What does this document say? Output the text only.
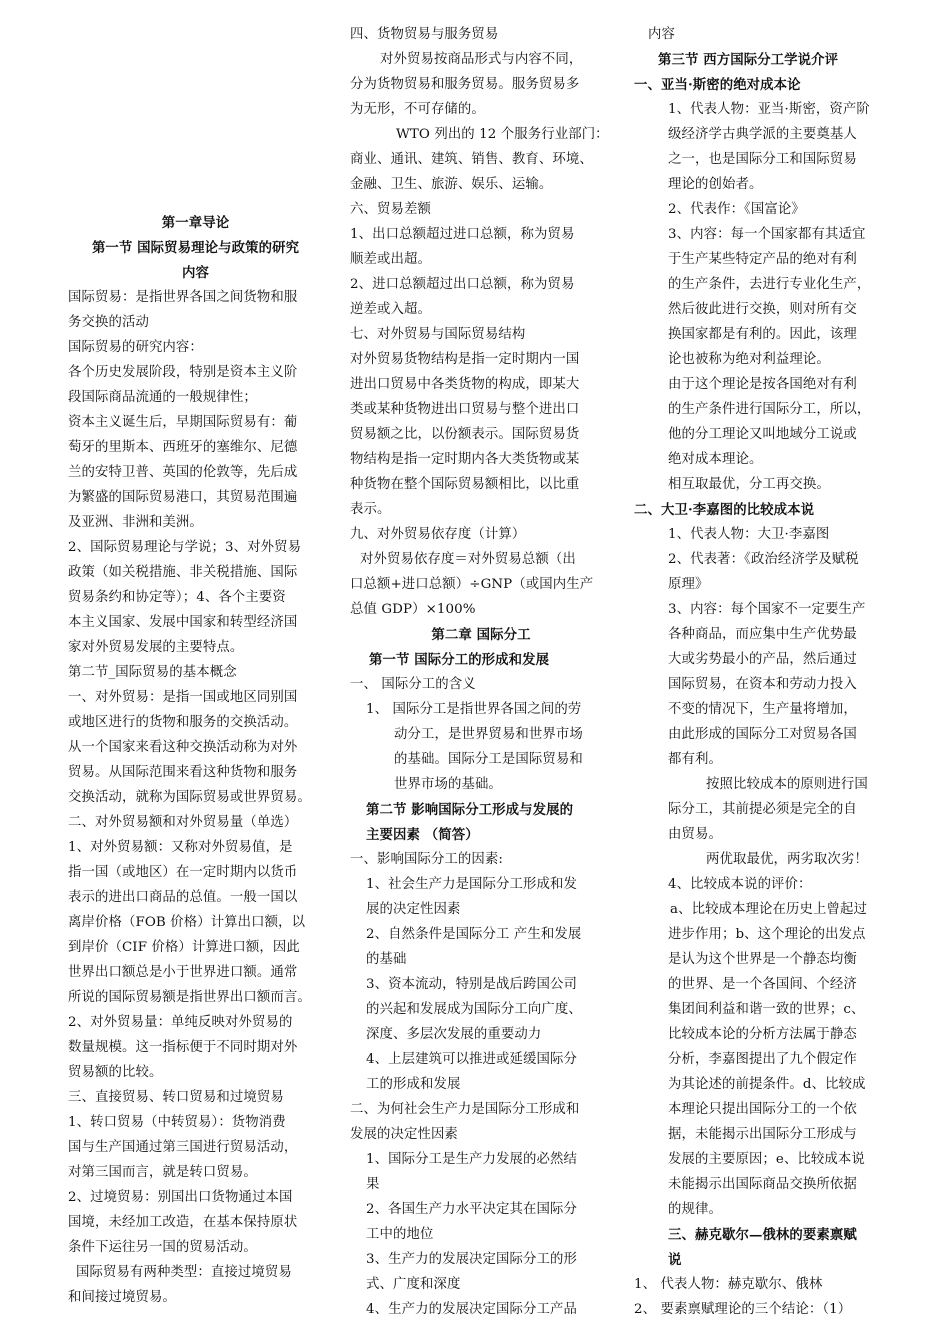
第一章导论
第一节 国际贸易理论与政策的研究
内容
国际贸易：是指世界各国之间货物和服
务交换的活动
国际贸易的研究内容：
各个历史发展阶段，特别是资本主义阶
段国际商品流通的一般规律性；
资本主义诞生后，早期国际贸易有：葡
萄牙的里斯本、西班牙的塞维尔、尼德
兰的安特卫普、英国的伦敦等，先后成
为繁盛的国际贸易港口，其贸易范围遍
及亚洲、非洲和美洲。
2、国际贸易理论与学说；3、对外贸易
政策（如关税措施、非关税措施、国际
贸易条约和协定等）；4、各个主要资
本主义国家、发展中国家和转型经济国
家对外贸易发展的主要特点。
第二节_国际贸易的基本概念
一、对外贸易：是指一国或地区同别国
或地区进行的货物和服务的交换活动。
从一个国家来看这种交换活动称为对外
贸易。从国际范围来看这种货物和服务
交换活动，就称为国际贸易或世界贸易。
二、对外贸易额和对外贸易量（单选）
1、对外贸易额：又称对外贸易值，是
指一国（或地区）在一定时期内以货币
表示的进出口商品的总值。一般一国以
离岸价格（FOB 价格）计算出口额，以
到岸价（CIF 价格）计算进口额，因此
世界出口额总是小于世界进口额。通常
所说的国际贸易额是指世界出口额而言。
2、对外贸易量：单纯反映对外贸易的
数量规模。这一指标便于不同时期对外
贸易额的比较。
三、直接贸易、转口贸易和过境贸易
1、转口贸易（中转贸易）：货物消费
国与生产国通过第三国进行贸易活动，
对第三国而言，就是转口贸易。
2、过境贸易：别国出口货物通过本国
国境，未经加工改造，在基本保持原状
条件下运往另一国的贸易活动。
国际贸易有两种类型：直接过境贸易
和间接过境贸易。
四、货物贸易与服务贸易
对外贸易按商品形式与内容不同，
分为货物贸易和服务贸易。服务贸易多
为无形，不可存储的。
WTO 列出的 12 个服务行业部门：
商业、通讯、建筑、销售、教育、环境、
金融、卫生、旅游、娱乐、运输。
六、贸易差额
1、出口总额超过进口总额，称为贸易
顺差或出超。
2、进口总额超过出口总额，称为贸易
逆差或入超。
七、对外贸易与国际贸易结构
对外贸易货物结构是指一定时期内一国
进出口贸易中各类货物的构成，即某大
类或某种货物进出口贸易与整个进出口
贸易额之比，以份额表示。国际贸易货
物结构是指一定时期内各大类货物或某
种货物在整个国际贸易额相比，以比重
表示。
九、对外贸易依存度（计算）
对外贸易依存度＝对外贸易总额（出
口总额+进口总额）÷GNP（或国内生产
总值 GDP）×100%
第二章 国际分工
第一节 国际分工的形成和发展
一、 国际分工的含义
1、 国际分工是指世界各国之间的劳
动分工，是世界贸易和世界市场
的基础。国际分工是国际贸易和
世界市场的基础。
第二节 影响国际分工形成与发展的
主要因素 （简答）
一、影响国际分工的因素:
1、社会生产力是国际分工形成和发
展的决定性因素
2、自然条件是国际分工 产生和发展
的基础
3、资本流动，特别是战后跨国公司
的兴起和发展成为国际分工向广度、
深度、多层次发展的重要动力
4、上层建筑可以推进或延缓国际分
工的形成和发展
二、为何社会生产力是国际分工形成和
发展的决定性因素
1、国际分工是生产力发展的必然结
果
2、各国生产力水平决定其在国际分
工中的地位
3、生产力的发展决定国际分工的形
式、广度和深度
4、生产力的发展决定国际分工产品
内容
第三节 西方国际分工学说介评
一、亚当·斯密的绝对成本论
1、代表人物：亚当·斯密，资产阶
级经济学古典学派的主要奠基人
之一，也是国际分工和国际贸易
理论的创始者。
2、代表作：《国富论》
3、内容：每一个国家都有其适宜
于生产某些特定产品的绝对有利
的生产条件，去进行专业化生产，
然后彼此进行交换，则对所有交
换国家都是有利的。因此，该理
论也被称为绝对利益理论。
由于这个理论是按各国绝对有利
的生产条件进行国际分工，所以，
他的分工理论又叫地域分工说或
绝对成本理论。
相互取最优，分工再交换。
二、大卫·李嘉图的比较成本说
1、代表人物：大卫·李嘉图
2、代表著：《政治经济学及赋税
原理》
3、内容：每个国家不一定要生产
各种商品，而应集中生产优势最
大或劣势最小的产品，然后通过
国际贸易，在资本和劳动力投入
不变的情况下，生产量将增加，
由此形成的国际分工对贸易各国
都有利。
按照比较成本的原则进行国
际分工，其前提必须是完全的自
由贸易。
两优取最优，两劣取次劣！
4、比较成本说的评价：
a、比较成本理论在历史上曾起过
进步作用；b、这个理论的出发点
是认为这个世界是一个静态均衡
的世界、是一个各国间、个经济
集团间利益和谐一致的世界；c、
比较成本论的分析方法属于静态
分析，李嘉图提出了九个假定作
为其论述的前提条件。d、比较成
本理论只提出国际分工的一个依
据，未能揭示出国际分工形成与
发展的主要原因；e、比较成本说
未能揭示出国际商品交换所依据
的规律。
三、赫克歇尔—俄林的要素禀赋
说
1、 代表人物：赫克歇尔、俄林
2、 要素禀赋理论的三个结论：（1）
